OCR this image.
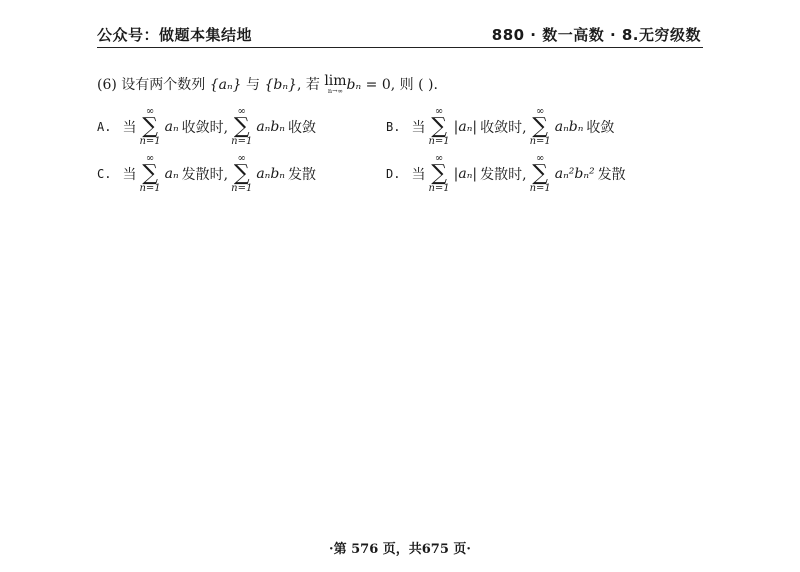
公众号：做题本集结地	880 · 数一高数 · 8.无穷级数
(6) 设有两个数列 {aₙ} 与 {bₙ}, 若 lim
n→∞ bₙ = 0, 则 ( ).
A. 当
∞
∑
n=1
aₙ 收敛时,
∞
∑
n=1
aₙbₙ 收敛	B. 当
∞
∑
n=1
|aₙ| 收敛时,
∞
∑
n=1
aₙbₙ 收敛
C. 当
∞
∑
n=1
aₙ 发散时,
∞
∑
n=1
aₙbₙ 发散	D. 当
∞
∑
n=1
|aₙ| 发散时,
∞
∑
n=1
aₙ²bₙ² 发散
·第 576 页，共675 页·
